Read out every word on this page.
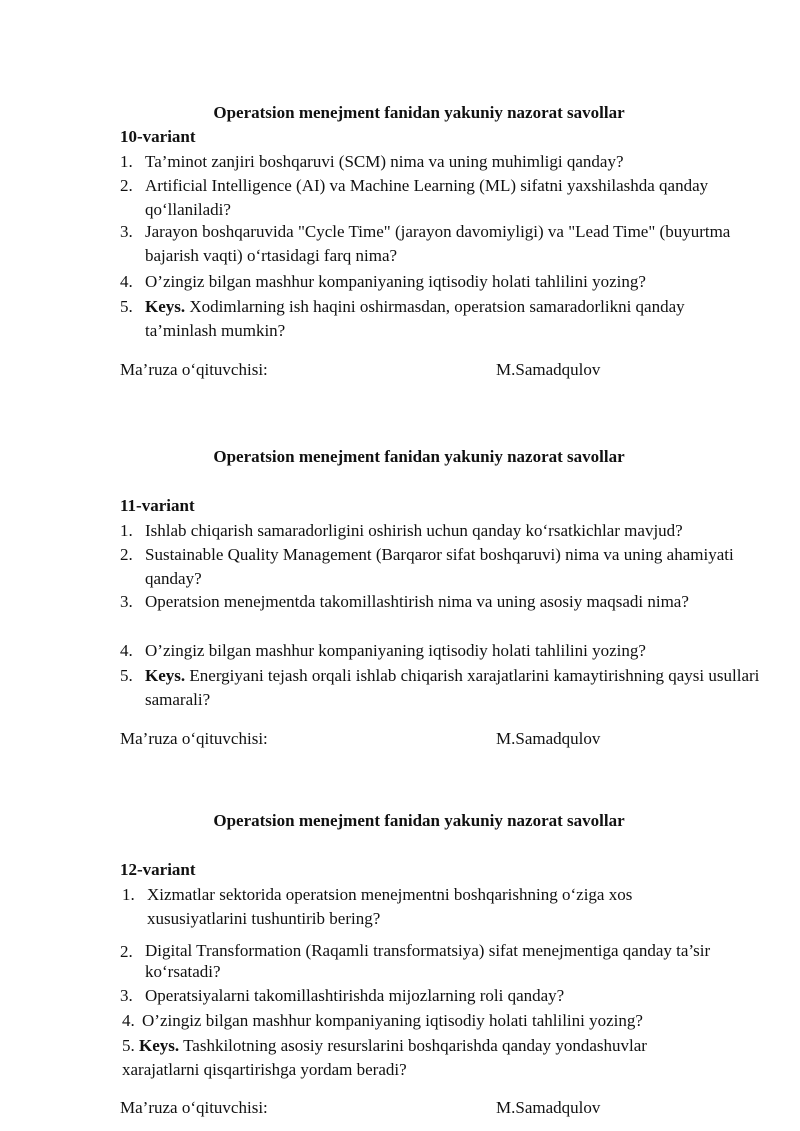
Operatsion menejment fanidan yakuniy nazorat savollar
10-variant
1. Ta’minot zanjiri boshqaruvi (SCM) nima va uning muhimligi qanday?
2. Artificial Intelligence (AI) va Machine Learning (ML) sifatni yaxshilashda qanday qo‘llaniladi?
3. Jarayon boshqaruvida "Cycle Time" (jarayon davomiyligi) va "Lead Time" (buyurtma bajarish vaqti) o‘rtasidagi farq nima?
4. O’zingiz bilgan mashhur kompaniyaning iqtisodiy holati tahlilini yozing?
5. Keys. Xodimlarning ish haqini oshirmasdan, operatsion samaradorlikni qanday ta’minlash mumkin?
Ma’ruza o‘qituvchisi:	M.Samadqulov
Operatsion menejment fanidan yakuniy nazorat savollar
11-variant
1. Ishlab chiqarish samaradorligini oshirish uchun qanday ko‘rsatkichlar mavjud?
2. Sustainable Quality Management (Barqaror sifat boshqaruvi) nima va uning ahamiyati qanday?
3. Operatsion menejmentda takomillashtirish nima va uning asosiy maqsadi nima?
4. O’zingiz bilgan mashhur kompaniyaning iqtisodiy holati tahlilini yozing?
5. Keys. Energiyani tejash orqali ishlab chiqarish xarajatlarini kamaytirishning qaysi usullari samarali?
Ma’ruza o‘qituvchisi:	M.Samadqulov
Operatsion menejment fanidan yakuniy nazorat savollar
12-variant
1. Xizmatlar sektorida operatsion menejmentni boshqarishning o‘ziga xos xususiyatlarini tushuntirib bering?
2. Digital Transformation (Raqamli transformatsiya) sifat menejmentiga qanday ta’sir ko‘rsatadi?
3. Operatsiyalarni takomillashtirishda mijozlarning roli qanday?
4. O’zingiz bilgan mashhur kompaniyaning iqtisodiy holati tahlilini yozing?
5. Keys. Tashkilotning asosiy resurslarini boshqarishda qanday yondashuvlar xarajatlarni qisqartirishga yordam beradi?
Ma’ruza o‘qituvchisi:	M.Samadqulov
